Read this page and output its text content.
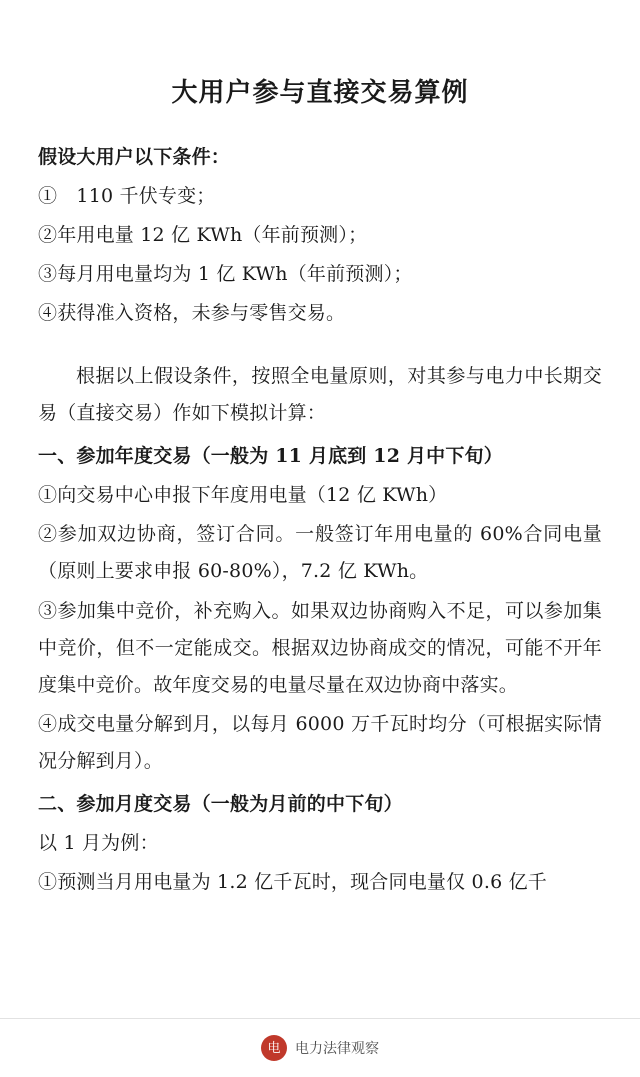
大用户参与直接交易算例

假设大用户以下条件：

①　110 千伏专变；

②年用电量 12 亿 KWh（年前预测）；

③每月用电量均为 1 亿 KWh（年前预测）；

④获得准入资格，未参与零售交易。

根据以上假设条件，按照全电量原则，对其参与电力中长期交易（直接交易）作如下模拟计算：

一、参加年度交易（一般为 11 月底到 12 月中下旬）

①向交易中心申报下年度用电量（12 亿 KWh）

②参加双边协商，签订合同。一般签订年用电量的 60%合同电量（原则上要求申报 60-80%），7.2 亿 KWh。

③参加集中竞价，补充购入。如果双边协商购入不足，可以参加集中竞价，但不一定能成交。根据双边协商成交的情况，可能不开年度集中竞价。故年度交易的电量尽量在双边协商中落实。

④成交电量分解到月，以每月 6000 万千瓦时均分（可根据实际情况分解到月）。

二、参加月度交易（一般为月前的中下旬）

以 1 月为例：

①预测当月用电量为 1.2 亿千瓦时，现合同电量仅 0.6 亿千

电	电力法律观察
